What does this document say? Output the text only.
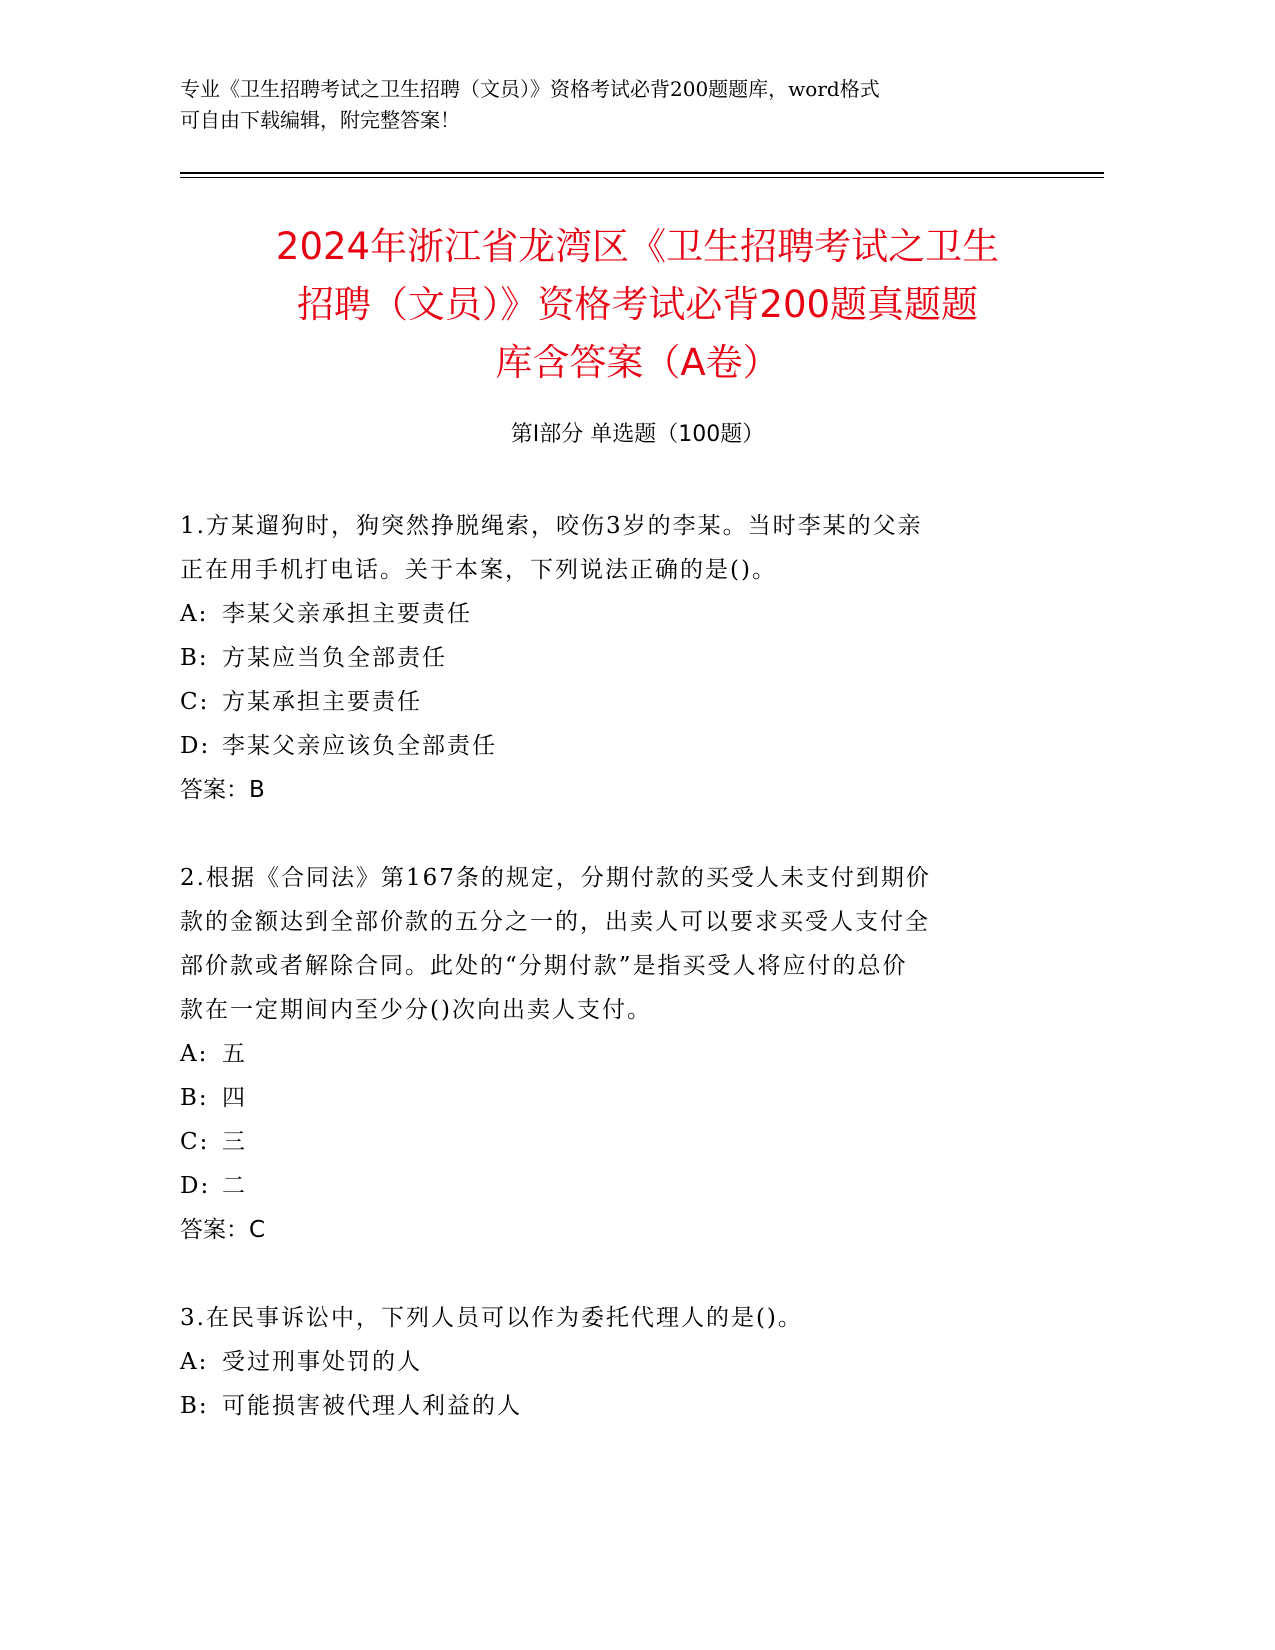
专业《卫生招聘考试之卫生招聘（文员）》资格考试必背200题题库，word格式
可自由下载编辑，附完整答案！
2024年浙江省龙湾区《卫生招聘考试之卫生
招聘（文员）》资格考试必背200题真题题
库含答案（A卷）
第Ⅰ部分 单选题（100题）
1.方某遛狗时，狗突然挣脱绳索，咬伤3岁的李某。当时李某的父亲
正在用手机打电话。关于本案，下列说法正确的是()。
A: 李某父亲承担主要责任
B: 方某应当负全部责任
C: 方某承担主要责任
D: 李某父亲应该负全部责任
答案：B
2.根据《合同法》第167条的规定，分期付款的买受人未支付到期价
款的金额达到全部价款的五分之一的，出卖人可以要求买受人支付全
部价款或者解除合同。此处的“分期付款”是指买受人将应付的总价
款在一定期间内至少分()次向出卖人支付。
A: 五
B: 四
C: 三
D: 二
答案：C
3.在民事诉讼中，下列人员可以作为委托代理人的是()。
A: 受过刑事处罚的人
B: 可能损害被代理人利益的人
